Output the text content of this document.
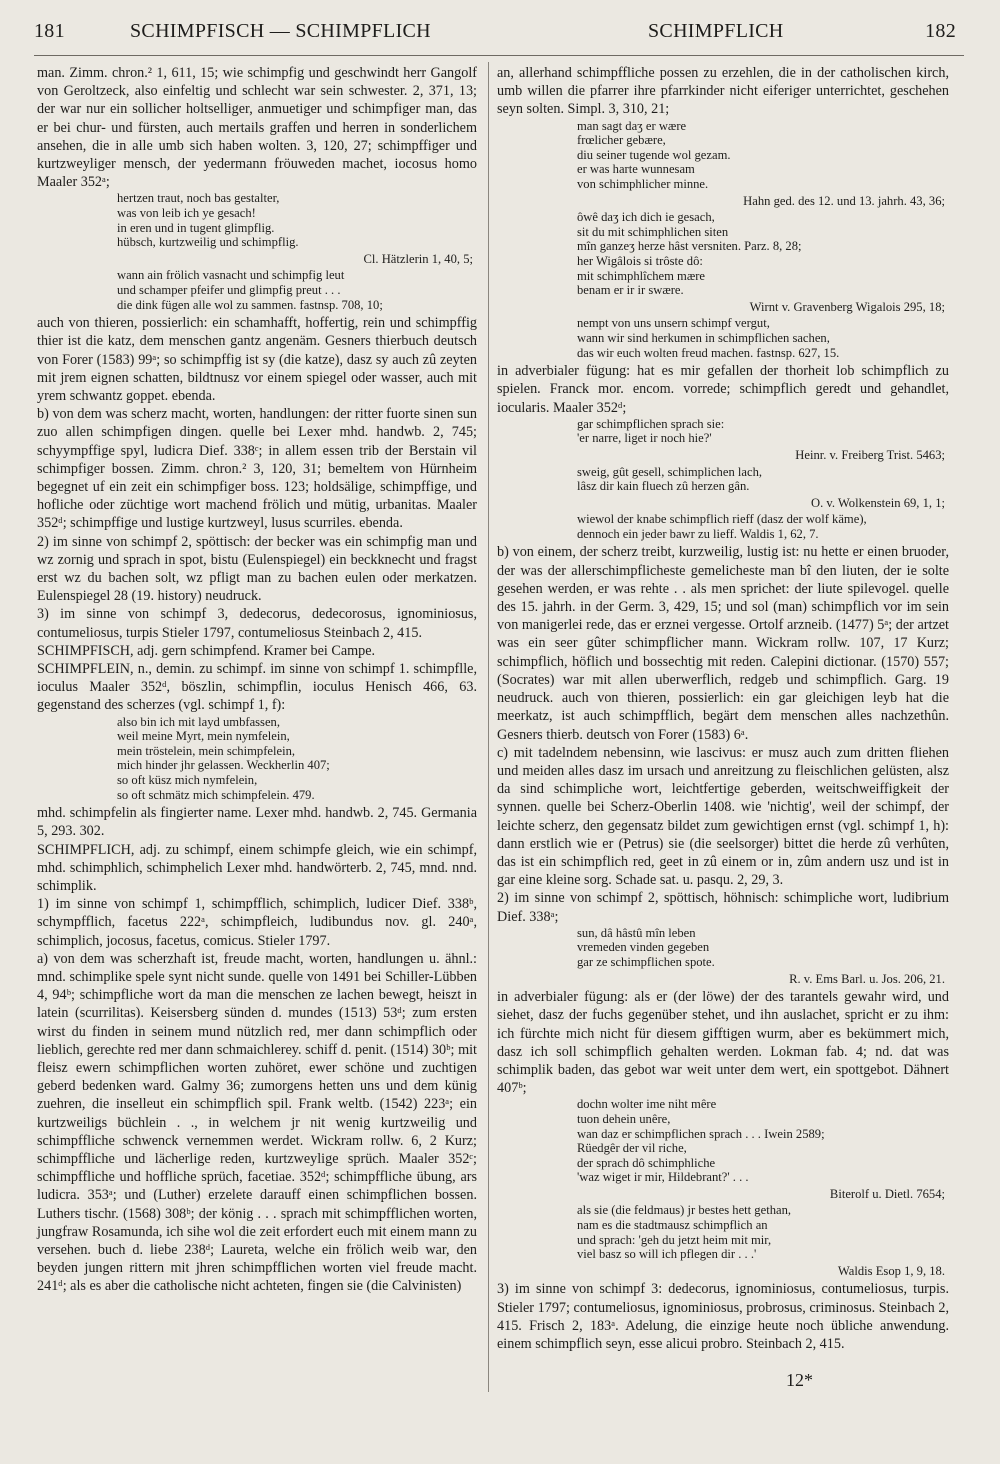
181	SCHIMPFISCH — SCHIMPFLICH	SCHIMPFLICH	182
man. Zimm. chron.² 1, 611, 15; wie schimpfig und geschwindt herr Gangolf von Geroltzeck, also einfeltig und schlecht war sein schwester. 2, 371, 13; der war nur ein sollicher holtselliger, anmuetiger und schimpfiger man, das er bei chur- und fürsten, auch mertails graffen und herren in sonderlichem ansehen, die in alle umb sich haben wolten. 3, 120, 27; schimpffiger und kurtzweyliger mensch, der yedermann fröuweden machet, iocosus homo Maaler 352ᵃ;
hertzen traut, noch bas gestalter,
was von leib ich ye gesach!
in eren und in tugent glimpflig.
hübsch, kurtzweilig und schimpflig.
Cl. Hätzlerin 1, 40, 5;
wann ain frölich vasnacht und schimpfig leut
und schamper pfeifer und glimpfig preut . . .
die dink fügen alle wol zu sammen. fastnsp. 708, 10;
auch von thieren, possierlich: ein schamhafft, hoffertig, rein und schimpffig thier ist die katz, dem menschen gantz angenäm. Gesners thierbuch deutsch von Forer (1583) 99ᵃ; so schimpffig ist sy (die katze), dasz sy auch zû zeyten mit jrem eignen schatten, bildtnusz vor einem spiegel oder wasser, auch mit yrem schwantz goppet. ebenda.
b) von dem was scherz macht, worten, handlungen: der ritter fuorte sinen sun zuo allen schimpfigen dingen. quelle bei Lexer mhd. handwb. 2, 745; schyympffige spyl, ludicra Dief. 338ᶜ; in allem essen trib der Berstain vil schimpfiger bossen. Zimm. chron.² 3, 120, 31; bemeltem von Hürnheim begegnet uf ein zeit ein schimpfiger boss. 123; holdsälige, schimpffige, und hofliche oder züchtige wort machend frölich und mütig, urbanitas. Maaler 352ᵈ; schimpffige und lustige kurtzweyl, lusus scurriles. ebenda.
2) im sinne von schimpf 2, spöttisch: der becker was ein schimpfig man und wz zornig und sprach in spot, bistu (Eulenspiegel) ein beckknecht und fragst erst wz du bachen solt, wz pfligt man zu bachen eulen oder merkatzen. Eulenspiegel 28 (19. history) neudruck.
3) im sinne von schimpf 3, dedecorus, dedecorosus, ignominiosus, contumeliosus, turpis Stieler 1797, contumeliosus Steinbach 2, 415.
SCHIMPFISCH, adj. gern schimpfend. Kramer bei Campe.
SCHIMPFLEIN, n., demin. zu schimpf. im sinne von schimpf 1. schimpflle, ioculus Maaler 352ᵈ, böszlin, schimpflin, ioculus Henisch 466, 63. gegenstand des scherzes (vgl. schimpf 1, f):
also bin ich mit layd umbfassen,
weil meine Myrt, mein nymfelein,
mein tröstelein, mein schimpfelein,
mich hinder jhr gelassen. Weckherlin 407;
so oft küsz mich nymfelein,
so oft schmätz mich schimpfelein. 479.
mhd. schimpfelin als fingierter name. Lexer mhd. handwb. 2, 745. Germania 5, 293. 302.
SCHIMPFLICH, adj. zu schimpf, einem schimpfe gleich, wie ein schimpf, mhd. schimphlich, schimphelich Lexer mhd. handwörterb. 2, 745, mnd. nnd. schimplik.
1) im sinne von schimpf 1, schimpfflich, schimplich, ludicer Dief. 338ᵇ, schympfflich, facetus 222ᵃ, schimpfleich, ludibundus nov. gl. 240ᵃ, schimplich, jocosus, facetus, comicus. Stieler 1797.
a) von dem was scherzhaft ist, freude macht, worten, handlungen u. ähnl.: mnd. schimplike spele synt nicht sunde. quelle von 1491 bei Schiller-Lübben 4, 94ᵇ; schimpfliche wort da man die menschen ze lachen bewegt, heiszt in latein (scurrilitas). Keisersberg sünden d. mundes (1513) 53ᵈ; zum ersten wirst du finden in seinem mund nützlich red, mer dann schimpflich oder lieblich, gerechte red mer dann schmaichlerey. schiff d. penit. (1514) 30ᵇ; mit fleisz ewern schimpflichen worten zuhöret, ewer schöne und zuchtigen geberd bedenken ward. Galmy 36; zumorgens hetten uns und dem künig zuehren, die inselleut ein schimpflich spil. Frank weltb. (1542) 223ᵃ; ein kurtzweiligs büchlein . ., in welchem jr nit wenig kurtzweilig und schimpffliche schwenck vernemmen werdet. Wickram rollw. 6, 2 Kurz; schimpffliche und lächerlige reden, kurtzweylige sprüch. Maaler 352ᶜ; schimpffliche und hoffliche sprüch, facetiae. 352ᵈ; schimpffliche übung, ars ludicra. 353ᵃ; und (Luther) erzelete darauff einen schimpflichen bossen. Luthers tischr. (1568) 308ᵇ; der könig . . . sprach mit schimpfflichen worten, jungfraw Rosamunda, ich sihe wol die zeit erfordert euch mit einem mann zu versehen. buch d. liebe 238ᵈ; Laureta, welche ein frölich weib war, den beyden jungen rittern mit jhren schimpfflichen worten viel freude macht. 241ᵈ; als es aber die catholische nicht achteten, fingen sie (die Calvinisten)
an, allerhand schimpffliche possen zu erzehlen, die in der catholischen kirch, umb willen die pfarrer ihre pfarrkinder nicht eiferiger unterrichtet, geschehen seyn solten. Simpl. 3, 310, 21;
man sagt daʒ er wære
frœlicher gebære,
diu seiner tugende wol gezam.
er was harte wunnesam
von schimphlicher minne.
Hahn ged. des 12. und 13. jahrh. 43, 36;
ôwê daʒ ich dich ie gesach,
sit du mit schimphlichen siten
mîn ganzeʒ herze hâst versniten. Parz. 8, 28;
her Wigâlois si trôste dô:
mit schimphlîchem mære
benam er ir ir swære.
Wirnt v. Gravenberg Wigalois 295, 18;
nempt von uns unsern schimpf vergut,
wann wir sind herkumen in schimpflichen sachen,
das wir euch wolten freud machen. fastnsp. 627, 15.
in adverbialer fügung: hat es mir gefallen der thorheit lob schimpflich zu spielen. Franck mor. encom. vorrede; schimpflich geredt und gehandlet, iocularis. Maaler 352ᵈ;
gar schimpflichen sprach sie:
'er narre, liget ir noch hie?'
Heinr. v. Freiberg Trist. 5463;
sweig, gût gesell, schimplichen lach,
lâsz dir kain fluech zû herzen gân.
O. v. Wolkenstein 69, 1, 1;
wiewol der knabe schimpflich rieff (dasz der wolf käme),
dennoch ein jeder bawr zu lieff. Waldis 1, 62, 7.
b) von einem, der scherz treibt, kurzweilig, lustig ist: nu hette er einen bruoder, der was der allerschimpflicheste gemelicheste man bî den liuten, der ie solte gesehen werden, er was rehte . . als men sprichet: der liute spilevogel. quelle des 15. jahrh. in der Germ. 3, 429, 15; und sol (man) schimpflich vor im sein von manigerlei rede, das er erznei vergesse. Ortolf arzneib. (1477) 5ᵃ; der artzet was ein seer gûter schimpflicher mann. Wickram rollw. 107, 17 Kurz; schimpflich, höflich und bossechtig mit reden. Calepini dictionar. (1570) 557; (Socrates) war mit allen uberwerflich, redgeb und schimpflich. Garg. 19 neudruck. auch von thieren, possierlich: ein gar gleichigen leyb hat die meerkatz, ist auch schimpfflich, begärt dem menschen alles nachzethûn. Gesners thierb. deutsch von Forer (1583) 6ᵃ.
c) mit tadelndem nebensinn, wie lascivus: er musz auch zum dritten fliehen und meiden alles dasz im ursach und anreitzung zu fleischlichen gelüsten, alsz da sind schimpliche wort, leichtfertige geberden, weitschweiffigkeit der synnen. quelle bei Scherz-Oberlin 1408. wie 'nichtig', weil der schimpf, der leichte scherz, den gegensatz bildet zum gewichtigen ernst (vgl. schimpf 1, h): dann erstlich wie er (Petrus) sie (die seelsorger) bittet die herde zû verhûten, das ist ein schimpflich red, geet in zû einem or in, zûm andern usz und ist in gar eine kleine sorg. Schade sat. u. pasqu. 2, 29, 3.
2) im sinne von schimpf 2, spöttisch, höhnisch: schimpliche wort, ludibrium Dief. 338ᵃ;
sun, dâ hâstû mîn leben
vremeden vinden gegeben
gar ze schimpflichen spote.
R. v. Ems Barl. u. Jos. 206, 21.
in adverbialer fügung: als er (der löwe) der des tarantels gewahr wird, und siehet, dasz der fuchs gegenüber stehet, und ihn auslachet, spricht er zu ihm: ich fürchte mich nicht für diesem gifftigen wurm, aber es bekümmert mich, dasz ich soll schimpflich gehalten werden. Lokman fab. 4; nd. dat was schimplik baden, das gebot war weit unter dem wert, ein spottgebot. Dähnert 407ᵇ;
dochn wolter ime niht mêre
tuon dehein unêre,
wan daz er schimpflichen sprach . . . Iwein 2589;
Rüedgêr der vil riche,
der sprach dô schimphliche
'waz wiget ir mir, Hildebrant?' . . .
Biterolf u. Dietl. 7654;
als sie (die feldmaus) jr bestes hett gethan,
nam es die stadtmausz schimpflich an
und sprach: 'geh du jetzt heim mit mir,
viel basz so will ich pflegen dir . . .'
Waldis Esop 1, 9, 18.
3) im sinne von schimpf 3: dedecorus, ignominiosus, contumeliosus, turpis. Stieler 1797; contumeliosus, ignominiosus, probrosus, criminosus. Steinbach 2, 415. Frisch 2, 183ᵃ. Adelung, die einzige heute noch übliche anwendung. einem schimpflich seyn, esse alicui probro. Steinbach 2, 415.
12*
